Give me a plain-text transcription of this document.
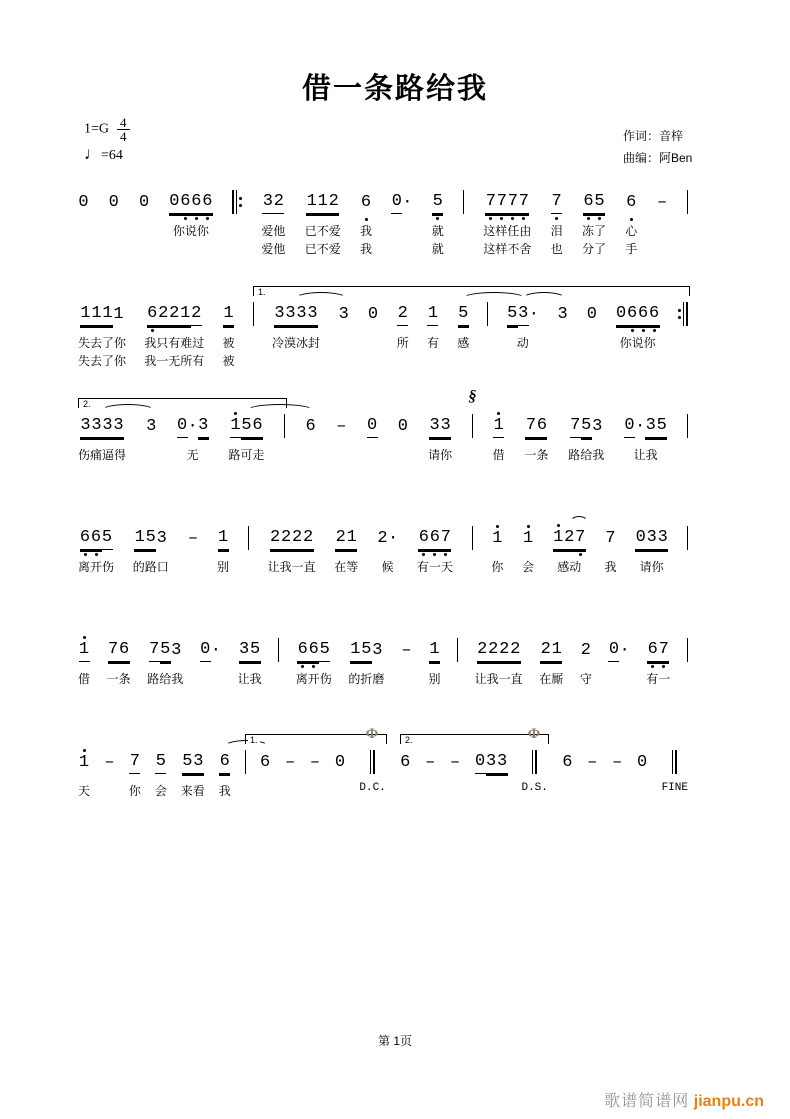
借一条路给我
$1=G \frac{4}{4}$
♩=64
作词：音梓
曲编：阿Ben
0 0 0 0 6 6 6
你说你
3 2
爱他
爱他
1 1 2
已不爱
已不爱
6
我
我
0 · 5
就
就
7 7 7 7
这样任由
这样不舍
7
泪
也
6 5
冻了
分了
6
心
手
–
1 1 1 1
失去了你
失去了你
6 2 2 1 2
我只有难过
我一无所有
1
被
被
3 3 3 3
冷漠冰封
3 0 2
所
1
有
5
感
5 3 ·
动
3 0 0 6 6 6
你说你
1.
3 3 3 3
伤痛逼得
3 0 · 3
无
1 5 6
路可走
6 – 0 0 3 3
请你
1
借
7 6
一条
7 5 3
路给我
0 · 3 5
让我
2.	§
6 6 5
离开伤
1 5 3
的路口
– 1
别
2 2 2 2
让我一直
2 1
在等
2 ·
候
6 6 7
有一天
1
你
1
会
1 2 7
感动
7
我
0 3 3
请你
1
借
7 6
一条
7 5 3
路给我
0 · 3 5
让我
6 6 5
离开伤
1 5 3
的折磨
– 1
别
2 2 2 2
让我一直
2 1
在厮
2
守
0 · 6 7
有一
1
天
– 7
你
5
会
5 3
来看
6
我
6 – – 0
D.C.
6 – – 0 3 3
D.S.
6 – – 0
FINE
1.	2.
Φ	Φ
第 1页
歌谱简谱网 jianpu.cn
